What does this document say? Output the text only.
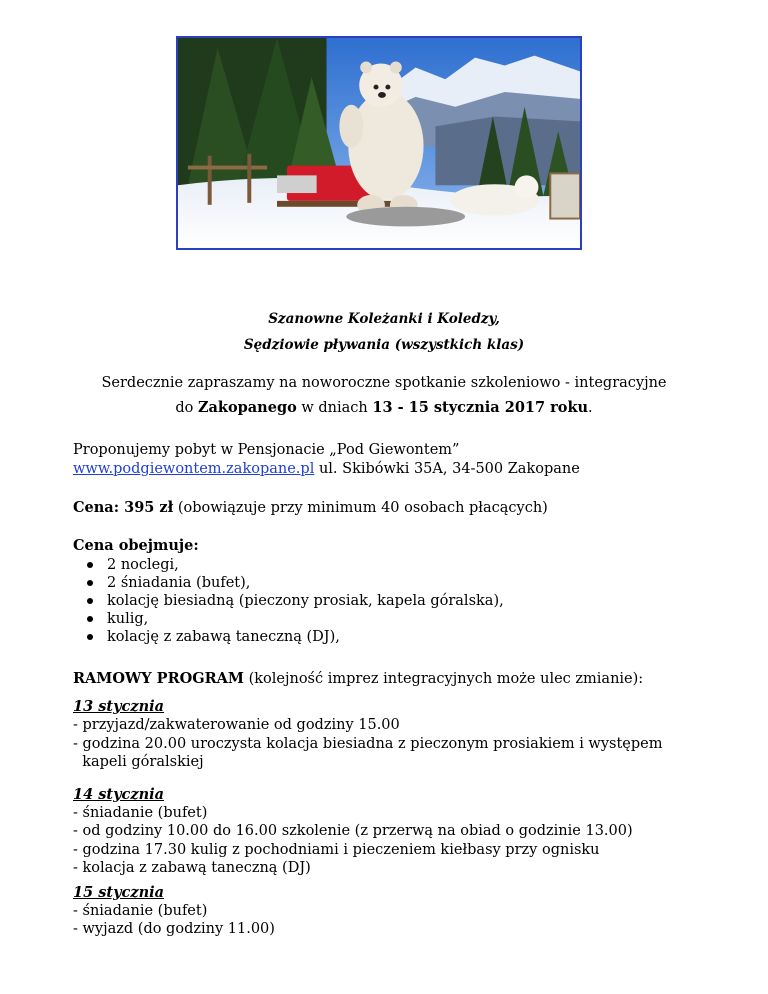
Szanowne Koleżanki i Koledzy,
Sędziowie pływania (wszystkich klas)
Serdecznie zapraszamy na noworoczne spotkanie szkoleniowo - integracyjne
do Zakopanego w dniach 13 - 15 stycznia 2017 roku.
Proponujemy pobyt w Pensjonacie „Pod Giewontem”
www.podgiewontem.zakopane.pl ul. Skibówki 35A, 34-500 Zakopane
Cena: 395 zł (obowiązuje przy minimum 40 osobach płacących)
Cena obejmuje:
2 noclegi,
2 śniadania (bufet),
kolację biesiadną (pieczony prosiak, kapela góralska),
kulig,
kolację z zabawą taneczną (DJ),
RAMOWY PROGRAM (kolejność imprez integracyjnych może ulec zmianie):
13 stycznia
- przyjazd/zakwaterowanie od godziny 15.00
- godzina 20.00 uroczysta kolacja biesiadna z pieczonym prosiakiem i występem
kapeli góralskiej
14 stycznia
- śniadanie (bufet)
- od godziny 10.00 do 16.00 szkolenie (z przerwą na obiad o godzinie 13.00)
- godzina 17.30 kulig z pochodniami i pieczeniem kiełbasy przy ognisku
- kolacja z zabawą taneczną (DJ)
15 stycznia
- śniadanie (bufet)
- wyjazd (do godziny 11.00)
